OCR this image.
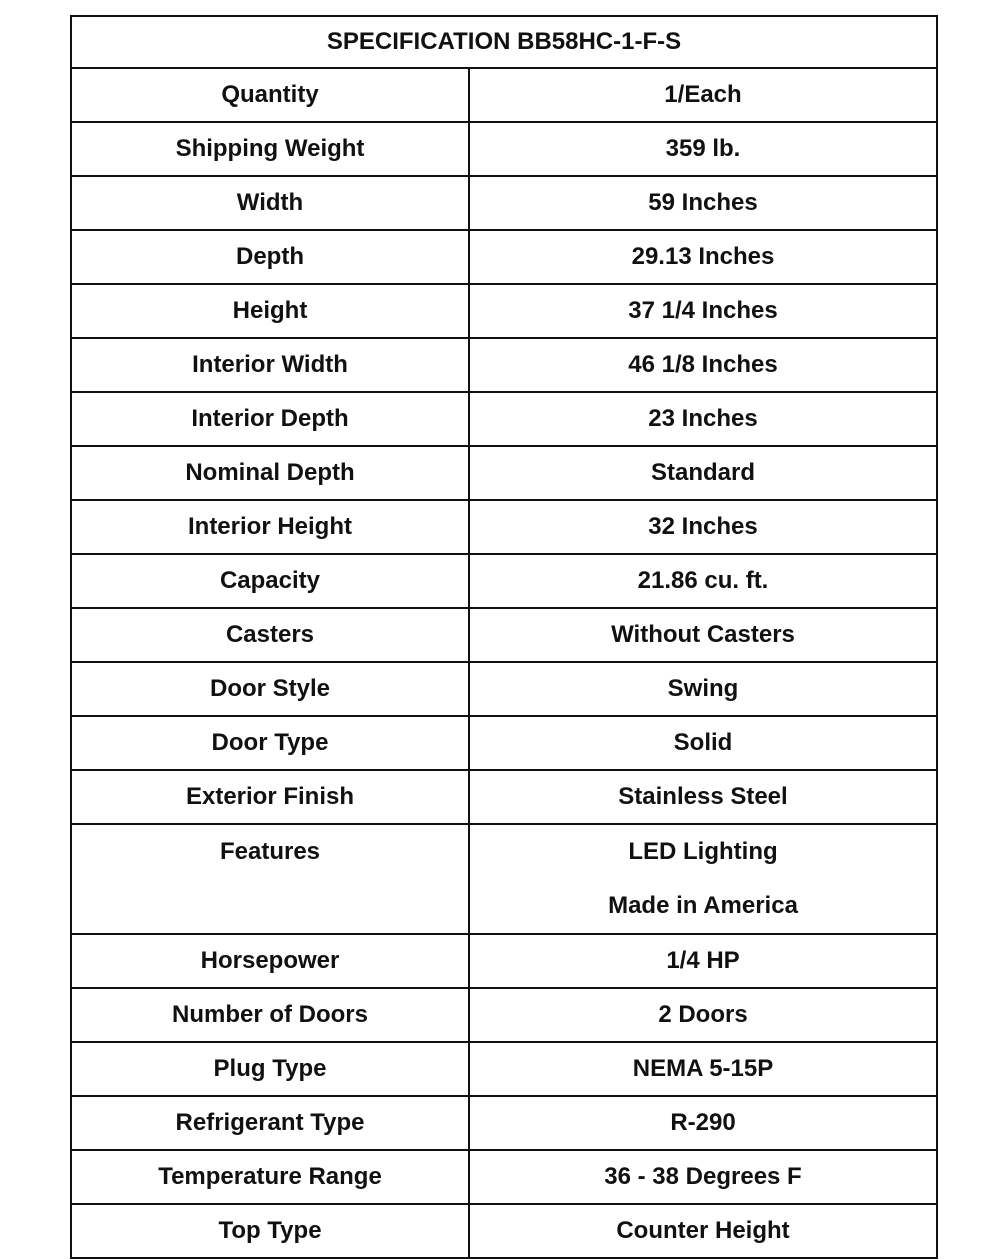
SPECIFICATION BB58HC-1-F-S	
Quantity	1/Each
Shipping Weight	359 lb.
Width	59 Inches
Depth	29.13 Inches
Height	37 1/4 Inches
Interior Width	46 1/8 Inches
Interior Depth	23 Inches
Nominal Depth	Standard
Interior Height	32 Inches
Capacity	21.86 cu. ft.
Casters	Without Casters
Door Style	Swing
Door Type	Solid
Exterior Finish	Stainless Steel

Features	LED Lighting
Made in America

Horsepower	1/4 HP
Number of Doors	2 Doors
Plug Type	NEMA 5-15P
Refrigerant Type	R-290
Temperature Range	36 - 38 Degrees F
Top Type	Counter Height
